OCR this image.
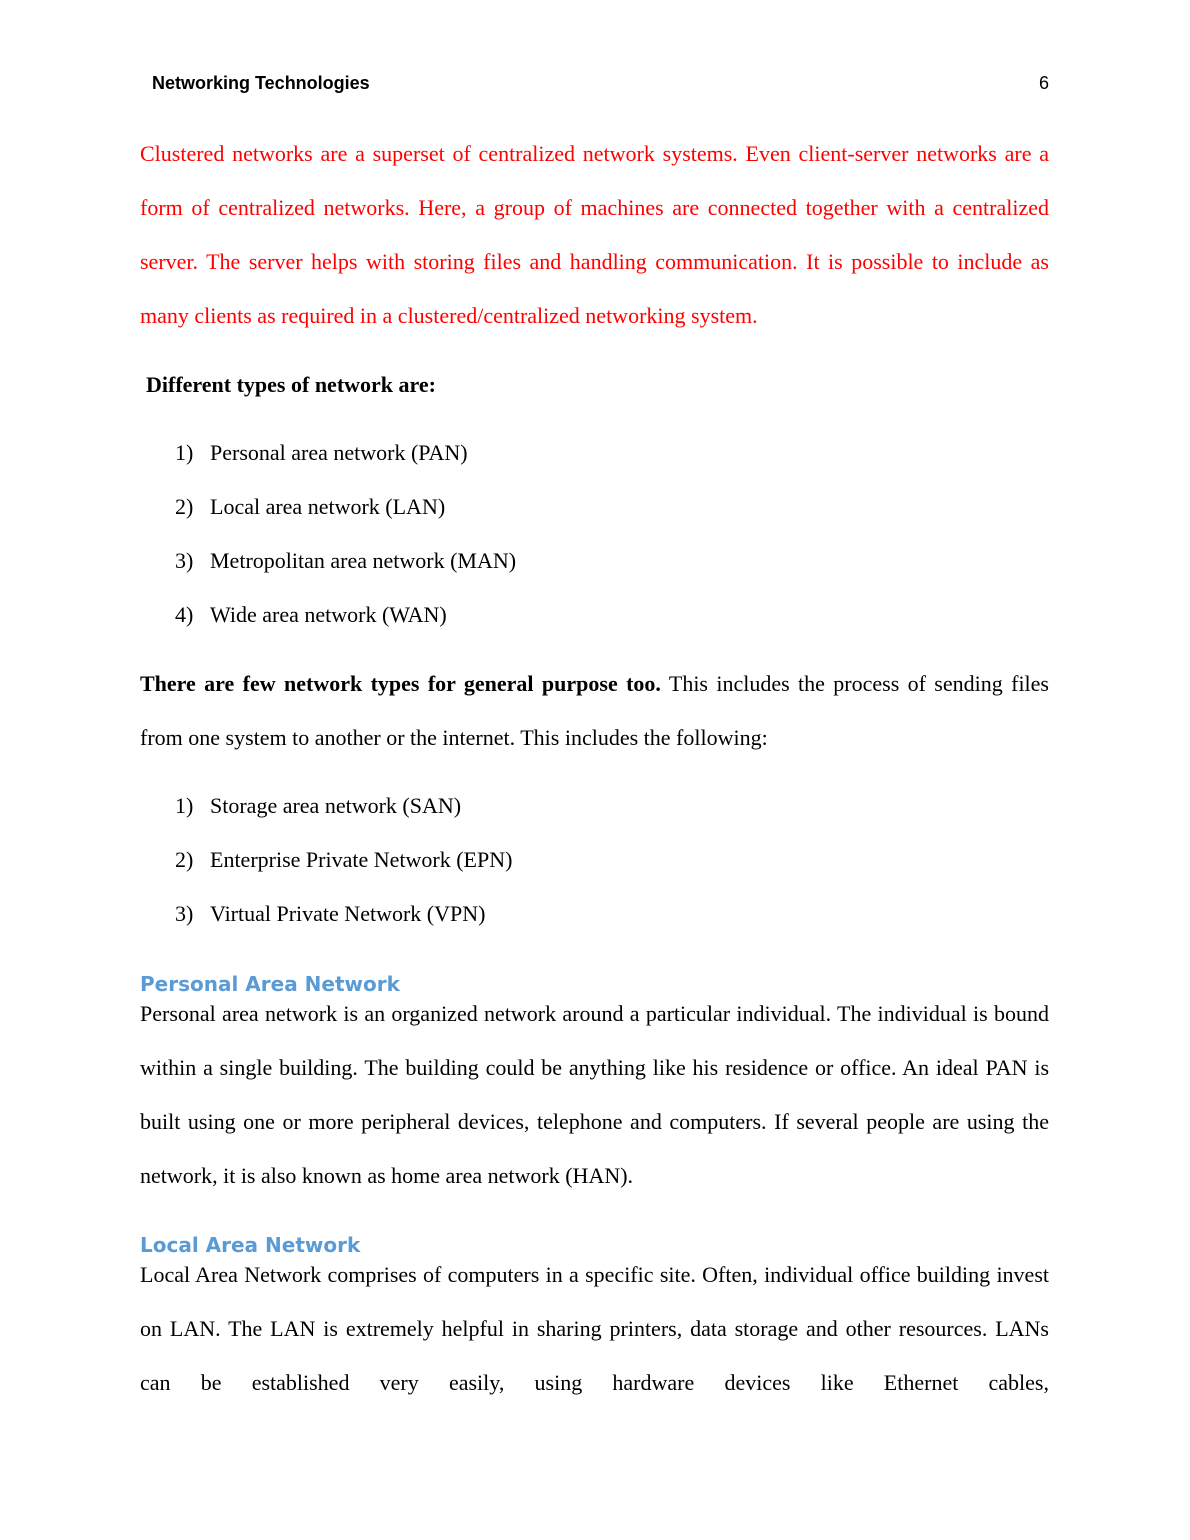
Networking Technologies	6

Clustered networks are a superset of centralized network systems. Even client-server networks are a form of centralized networks. Here, a group of machines are connected together with a centralized server. The server helps with storing files and handling communication. It is possible to include as many clients as required in a clustered/centralized networking system.

Different types of network are:

1) Personal area network (PAN)
2) Local area network (LAN)
3) Metropolitan area network (MAN)
4) Wide area network (WAN)

There are few network types for general purpose too. This includes the process of sending files from one system to another or the internet. This includes the following:

1) Storage area network (SAN)
2) Enterprise Private Network (EPN)
3) Virtual Private Network (VPN)
Personal Area Network

Personal area network is an organized network around a particular individual. The individual is bound within a single building. The building could be anything like his residence or office. An ideal PAN is built using one or more peripheral devices, telephone and computers. If several people are using the network, it is also known as home area network (HAN).

Local Area Network

Local Area Network comprises of computers in a specific site. Often, individual office building invest on LAN. The LAN is extremely helpful in sharing printers, data storage and other resources. LANs can be established very easily, using hardware devices like Ethernet cables,
